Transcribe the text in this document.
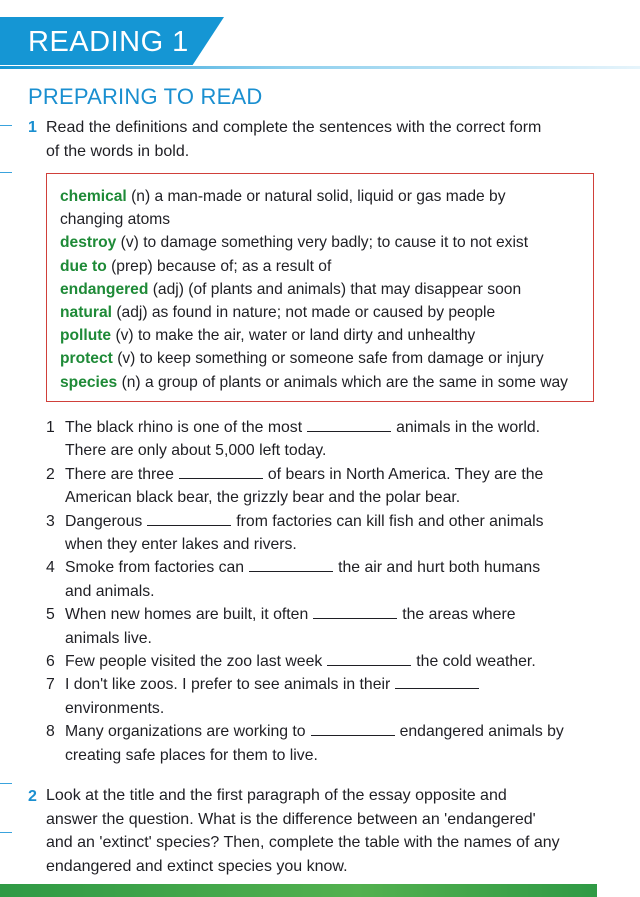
READING 1
PREPARING TO READ
1 Read the definitions and complete the sentences with the correct form
of the words in bold.

chemical (n) a man-made or natural solid, liquid or gas made by
changing atoms

destroy (v) to damage something very badly; to cause it to not exist

due to (prep) because of; as a result of

endangered (adj) (of plants and animals) that may disappear soon

natural (adj) as found in nature; not made or caused by people

pollute (v) to make the air, water or land dirty and unhealthy

protect (v) to keep something or someone safe from damage or injury

species (n) a group of plants or animals which are the same in some way

1 The black rhino is one of the most	animals in the world.
There are only about 5,000 left today.
2 There are three	of bears in North America. They are the
American black bear, the grizzly bear and the polar bear.
3 Dangerous	from factories can kill fish and other animals
when they enter lakes and rivers.
4 Smoke from factories can	the air and hurt both humans
and animals.
5 When new homes are built, it often	the areas where
animals live.
6 Few people visited the zoo last week	the cold weather.
7 I don't like zoos. I prefer to see animals in their
environments.
8 Many organizations are working to	endangered animals by
creating safe places for them to live.
2 Look at the title and the first paragraph of the essay opposite and
answer the question. What is the difference between an 'endangered'
and an 'extinct' species? Then, complete the table with the names of any
endangered and extinct species you know.
